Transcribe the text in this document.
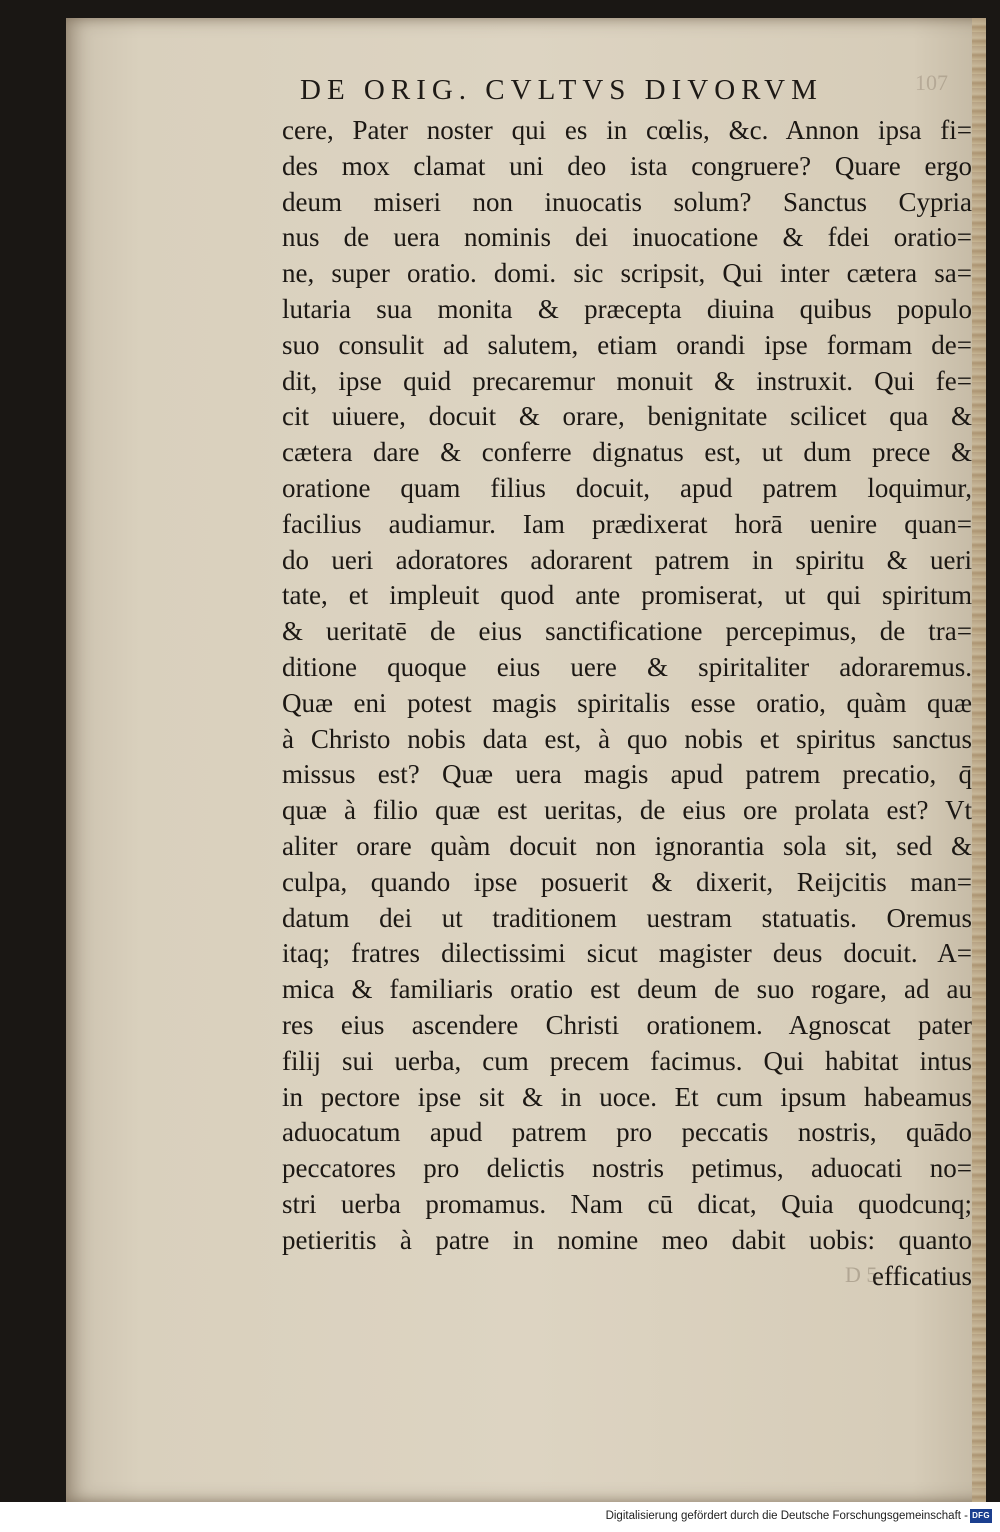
DE ORIG. CVLTVS DIVORVM	107
cere, Pater noster qui es in cœlis, &c. Annon ipsa fi=
des mox clamat uni deo ista congruere? Quare ergo
deum miseri non inuocatis solum? Sanctus Cypria
nus de uera nominis dei inuocatione & fdei oratio=
ne, super oratio. domi. sic scripsit, Qui inter cætera sa=
lutaria sua monita & præcepta diuina quibus populo
suo consulit ad salutem, etiam orandi ipse formam de=
dit, ipse quid precaremur monuit & instruxit. Qui fe=
cit uiuere, docuit & orare, benignitate scilicet qua &
cætera dare & conferre dignatus est, ut dum prece &
oratione quam filius docuit, apud patrem loquimur,
facilius audiamur. Iam prædixerat horā uenire quan=
do ueri adoratores adorarent patrem in spiritu & ueri
tate, et impleuit quod ante promiserat, ut qui spiritum
& ueritatē de eius sanctificatione percepimus, de tra=
ditione quoque eius uere & spiritaliter adoraremus.
Quæ eni potest magis spiritalis esse oratio, quàm quæ
à Christo nobis data est, à quo nobis et spiritus sanctus
missus est? Quæ uera magis apud patrem precatio, q̄
quæ à filio quæ est ueritas, de eius ore prolata est? Vt
aliter orare quàm docuit non ignorantia sola sit, sed &
culpa, quando ipse posuerit & dixerit, Reijcitis man=
datum dei ut traditionem uestram statuatis. Oremus
itaq; fratres dilectissimi sicut magister deus docuit. A=
mica & familiaris oratio est deum de suo rogare, ad au
res eius ascendere Christi orationem. Agnoscat pater
filij sui uerba, cum precem facimus. Qui habitat intus
in pectore ipse sit & in uoce. Et cum ipsum habeamus
aduocatum apud patrem pro peccatis nostris, quādo
peccatores pro delictis nostris petimus, aduocati no=
stri uerba promamus. Nam cū dicat, Quia quodcunq;
petieritis à patre in nomine meo dabit uobis: quanto
efficatius
D 5
Digitalisierung gefördert durch die Deutsche Forschungsgemeinschaft - DFG
